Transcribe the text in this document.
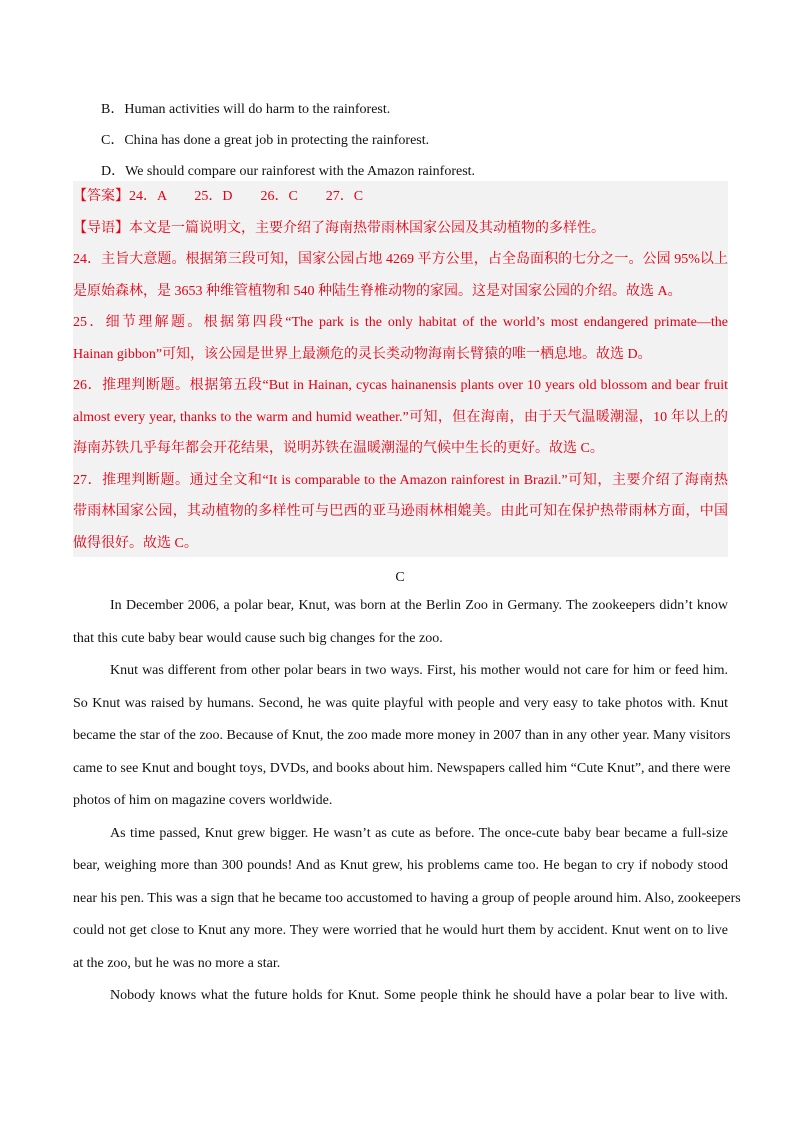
B．Human activities will do harm to the rainforest.
C．China has done a great job in protecting the rainforest.
D．We should compare our rainforest with the Amazon rainforest.
【答案】24．A　　25．D　　26．C　　27．C
【导语】本文是一篇说明文，主要介绍了海南热带雨林国家公园及其动植物的多样性。
24．主旨大意题。根据第三段可知，国家公园占地 4269 平方公里，占全岛面积的七分之一。公园 95%以上
是原始森林，是 3653 种维管植物和 540 种陆生脊椎动物的家园。这是对国家公园的介绍。故选 A。
25．细节理解题。根据第四段“The park is the only habitat of the world’s most endangered primate—the
Hainan gibbon”可知，该公园是世界上最濒危的灵长类动物海南长臂猿的唯一栖息地。故选 D。
26．推理判断题。根据第五段“But in Hainan, cycas hainanensis plants over 10 years old blossom and bear fruit
almost every year, thanks to the warm and humid weather.”可知，但在海南，由于天气温暖潮湿，10 年以上的
海南苏铁几乎每年都会开花结果，说明苏铁在温暖潮湿的气候中生长的更好。故选 C。
27．推理判断题。通过全文和“It is comparable to the Amazon rainforest in Brazil.”可知，主要介绍了海南热
带雨林国家公园，其动植物的多样性可与巴西的亚马逊雨林相媲美。由此可知在保护热带雨林方面，中国
做得很好。故选 C。
C
In December 2006, a polar bear, Knut, was born at the Berlin Zoo in Germany. The zookeepers didn’t know
that this cute baby bear would cause such big changes for the zoo.
Knut was different from other polar bears in two ways. First, his mother would not care for him or feed him.
So Knut was raised by humans. Second, he was quite playful with people and very easy to take photos with. Knut
became the star of the zoo. Because of Knut, the zoo made more money in 2007 than in any other year. Many visitors
came to see Knut and bought toys, DVDs, and books about him. Newspapers called him “Cute Knut”, and there were
photos of him on magazine covers worldwide.
As time passed, Knut grew bigger. He wasn’t as cute as before. The once-cute baby bear became a full-size
bear, weighing more than 300 pounds! And as Knut grew, his problems came too. He began to cry if nobody stood
near his pen. This was a sign that he became too accustomed to having a group of people around him. Also, zookeepers
could not get close to Knut any more. They were worried that he would hurt them by accident. Knut went on to live
at the zoo, but he was no more a star.
Nobody knows what the future holds for Knut. Some people think he should have a polar bear to live with.
